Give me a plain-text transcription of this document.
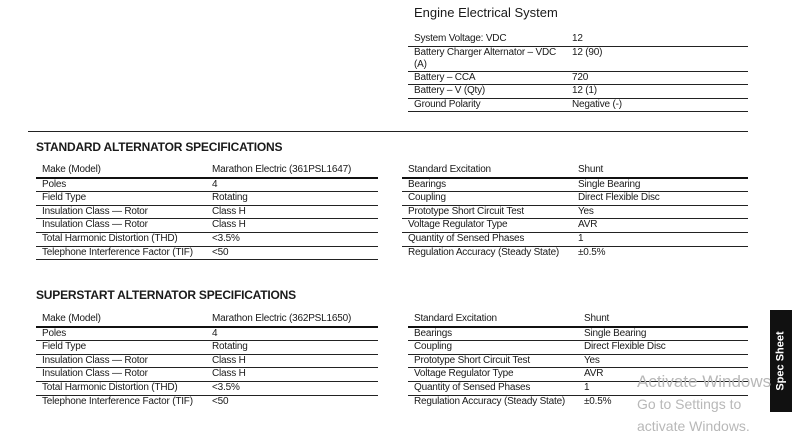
Engine Electrical System
System Voltage: VDC	12
Battery Charger Alternator – VDC (A)	12 (90)
Battery – CCA	720
Battery – V (Qty)	12 (1)
Ground Polarity	Negative (-)
STANDARD ALTERNATOR SPECIFICATIONS
Make (Model)	Marathon Electric (361PSL1647)
Poles	4
Field Type	Rotating
Insulation Class — Rotor	Class H
Insulation Class — Rotor	Class H
Total Harmonic Distortion (THD)	<3.5%
Telephone Interference Factor (TIF)	<50
Standard Excitation	Shunt
Bearings	Single Bearing
Coupling	Direct Flexible Disc
Prototype Short Circuit Test	Yes
Voltage Regulator Type	AVR
Quantity of Sensed Phases	1
Regulation Accuracy (Steady State)	±0.5%
SUPERSTART ALTERNATOR SPECIFICATIONS
Make (Model)	Marathon Electric (362PSL1650)
Poles	4
Field Type	Rotating
Insulation Class — Rotor	Class H
Insulation Class — Rotor	Class H
Total Harmonic Distortion (THD)	<3.5%
Telephone Interference Factor (TIF)	<50
Standard Excitation	Shunt
Bearings	Single Bearing
Coupling	Direct Flexible Disc
Prototype Short Circuit Test	Yes
Voltage Regulator Type	AVR
Quantity of Sensed Phases	1
Regulation Accuracy (Steady State)	±0.5%
Spec Sheet
Activate Windows
Go to Settings to activate Windows.
